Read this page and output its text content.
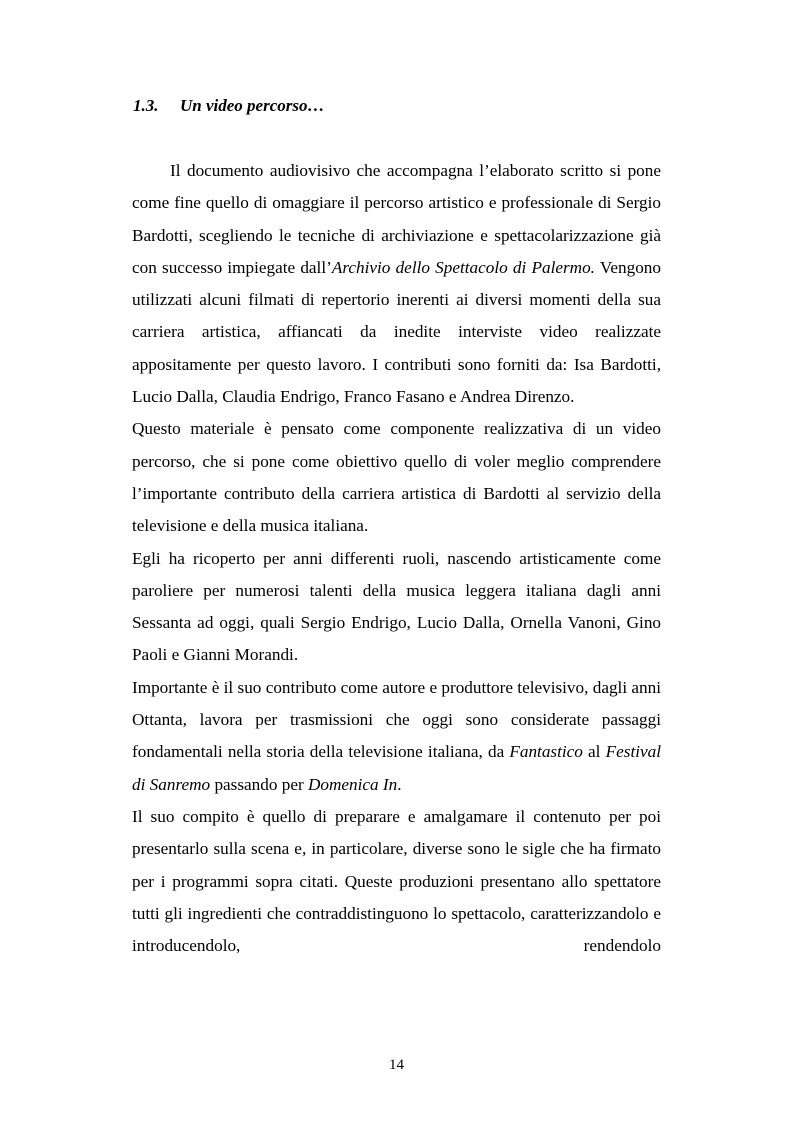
1.3. Un video percorso…

Il documento audiovisivo che accompagna l’elaborato scritto si pone come fine quello di omaggiare il percorso artistico e professionale di Sergio Bardotti, scegliendo le tecniche di archiviazione e spettacolarizzazione già con successo impiegate dall’Archivio dello Spettacolo di Palermo. Vengono utilizzati alcuni filmati di repertorio inerenti ai diversi momenti della sua carriera artistica, affiancati da inedite interviste video realizzate appositamente per questo lavoro. I contributi sono forniti da: Isa Bardotti, Lucio Dalla, Claudia Endrigo, Franco Fasano e Andrea Direnzo.

Questo materiale è pensato come componente realizzativa di un video percorso, che si pone come obiettivo quello di voler meglio comprendere l’importante contributo della carriera artistica di Bardotti al servizio della televisione e della musica italiana.

Egli ha ricoperto per anni differenti ruoli, nascendo artisticamente come paroliere per numerosi talenti della musica leggera italiana dagli anni Sessanta ad oggi, quali Sergio Endrigo, Lucio Dalla, Ornella Vanoni, Gino Paoli e Gianni Morandi.

Importante è il suo contributo come autore e produttore televisivo, dagli anni Ottanta, lavora per trasmissioni che oggi sono considerate passaggi fondamentali nella storia della televisione italiana, da Fantastico al Festival di Sanremo passando per Domenica In.

Il suo compito è quello di preparare e amalgamare il contenuto per poi presentarlo sulla scena e, in particolare, diverse sono le sigle che ha firmato per i programmi sopra citati. Queste produzioni presentano allo spettatore tutti gli ingredienti che contraddistinguono lo spettacolo, caratterizzandolo e introducendolo, rendendolo

14
